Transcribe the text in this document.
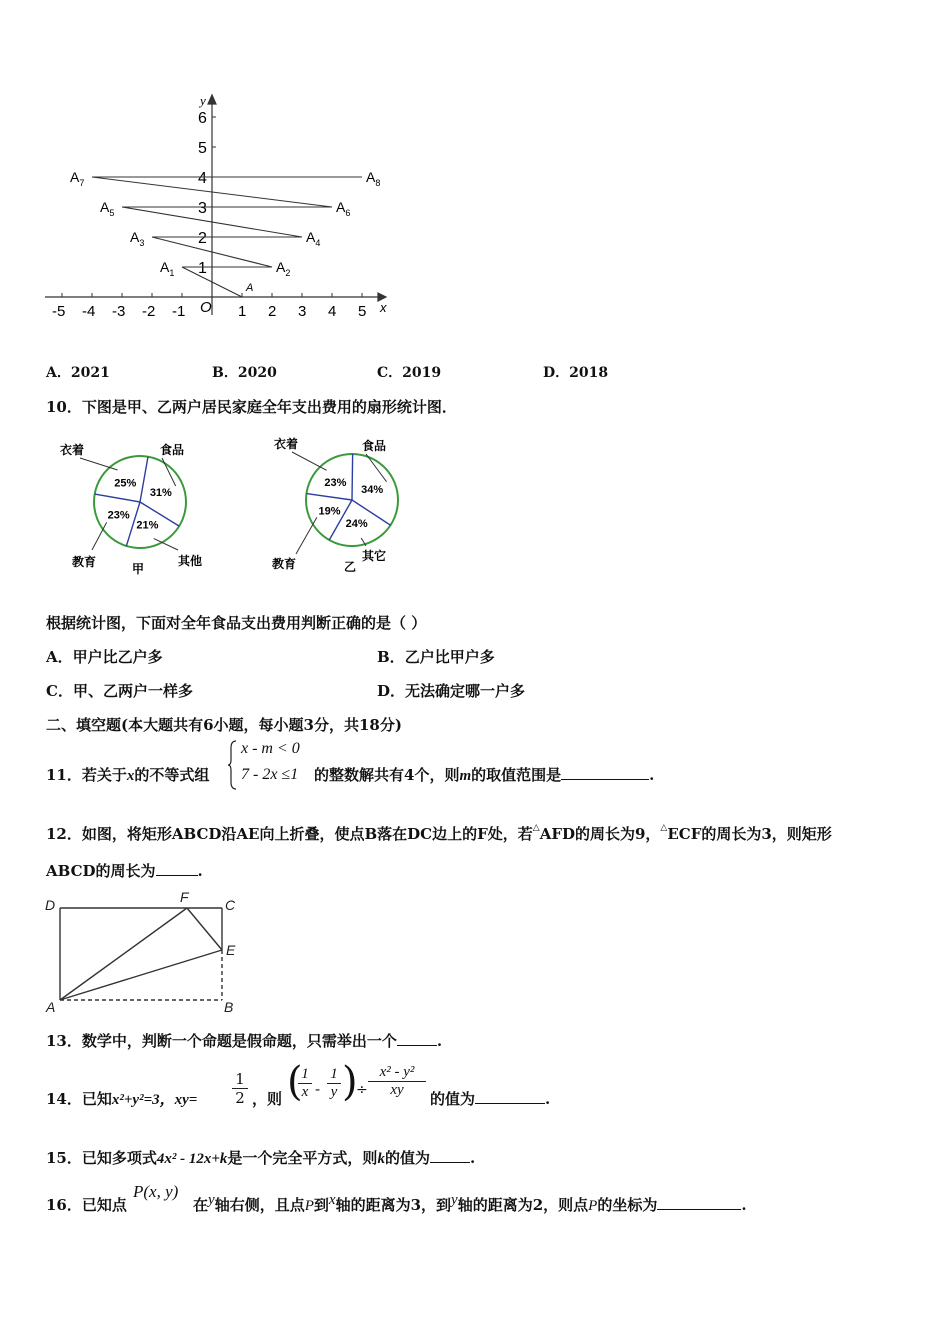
-5 -4 -3 -2 -1	1 2 3 4 5
1
2
3
4
5
6
y
x
O
A
$A_1$	$A_2$
$A_3$	$A_4$
$A_5$	$A_6$
$A_7$	$A_8$
A．2021	B．2020	C．2019	D．2018
10．下图是甲、乙两户居民家庭全年支出费用的扇形统计图．
25%
31%
21%
23%
衣着	食品
其他
教育	甲
23%
34%
24%
19%
衣着	食品
其它
教育	乙
根据统计图，下面对全年食品支出费用判断正确的是（ ）
A．甲户比乙户多	B．乙户比甲户多
C．甲、乙两户一样多	D．无法确定哪一户多
二、填空题(本大题共有6小题，每小题3分，共18分)
11．若关于x的不等式组
x - m < 0
7 - 2x ≤1 的整数解共有4个，则m的取值范围是	.
12．如图，将矩形ABCD沿AE向上折叠，使点B落在DC边上的F处，若△AFD的周长为9，△ECF的周长为3，则矩形
ABCD的周长为	.
D	F	C
E
A	B
13．数学中，判断一个命题是假命题，只需举出一个	.
14．已知x²+y²=3，$xy= \frac{1}{2}$ ，则 (
$\frac{1}{x} - \frac{1}{y}$ )
÷ $\frac{\text{x² - y²}}{xy}$ 的值为	.
15．已知多项式4x² - 12x+k是一个完全平方式，则k的值为	.
16．已知点
P(x, y)
在y轴右侧，且点P到x轴的距离为3，到y轴的距离为2，则点P的坐标为	.
